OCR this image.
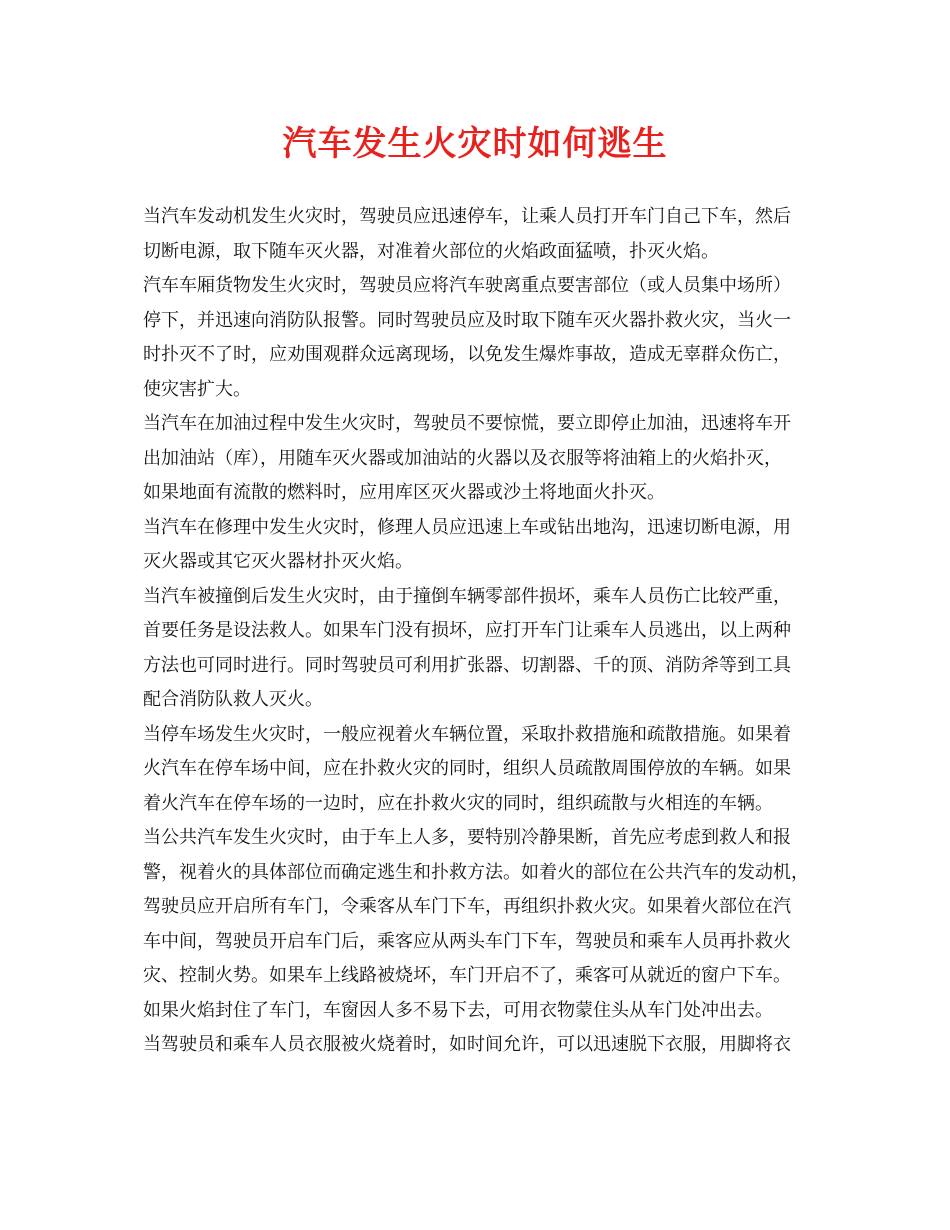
汽车发生火灾时如何逃生
当汽车发动机发生火灾时，驾驶员应迅速停车，让乘人员打开车门自己下车，然后
切断电源，取下随车灭火器，对准着火部位的火焰政面猛喷，扑灭火焰。
汽车车厢货物发生火灾时，驾驶员应将汽车驶离重点要害部位（或人员集中场所）
停下，并迅速向消防队报警。同时驾驶员应及时取下随车灭火器扑救火灾，当火一
时扑灭不了时，应劝围观群众远离现场，以免发生爆炸事故，造成无辜群众伤亡，
使灾害扩大。
当汽车在加油过程中发生火灾时，驾驶员不要惊慌，要立即停止加油，迅速将车开
出加油站（库），用随车灭火器或加油站的火器以及衣服等将油箱上的火焰扑灭，
如果地面有流散的燃料时，应用库区灭火器或沙土将地面火扑灭。
当汽车在修理中发生火灾时，修理人员应迅速上车或钻出地沟，迅速切断电源，用
灭火器或其它灭火器材扑灭火焰。
当汽车被撞倒后发生火灾时，由于撞倒车辆零部件损坏，乘车人员伤亡比较严重，
首要任务是设法救人。如果车门没有损坏，应打开车门让乘车人员逃出，以上两种
方法也可同时进行。同时驾驶员可利用扩张器、切割器、千的顶、消防斧等到工具
配合消防队救人灭火。
当停车场发生火灾时，一般应视着火车辆位置，采取扑救措施和疏散措施。如果着
火汽车在停车场中间，应在扑救火灾的同时，组织人员疏散周围停放的车辆。如果
着火汽车在停车场的一边时，应在扑救火灾的同时，组织疏散与火相连的车辆。
当公共汽车发生火灾时，由于车上人多，要特别冷静果断，首先应考虑到救人和报
警，视着火的具体部位而确定逃生和扑救方法。如着火的部位在公共汽车的发动机，
驾驶员应开启所有车门，令乘客从车门下车，再组织扑救火灾。如果着火部位在汽
车中间，驾驶员开启车门后，乘客应从两头车门下车，驾驶员和乘车人员再扑救火
灾、控制火势。如果车上线路被烧坏，车门开启不了，乘客可从就近的窗户下车。
如果火焰封住了车门，车窗因人多不易下去，可用衣物蒙住头从车门处冲出去。
当驾驶员和乘车人员衣服被火烧着时，如时间允许，可以迅速脱下衣服，用脚将衣
